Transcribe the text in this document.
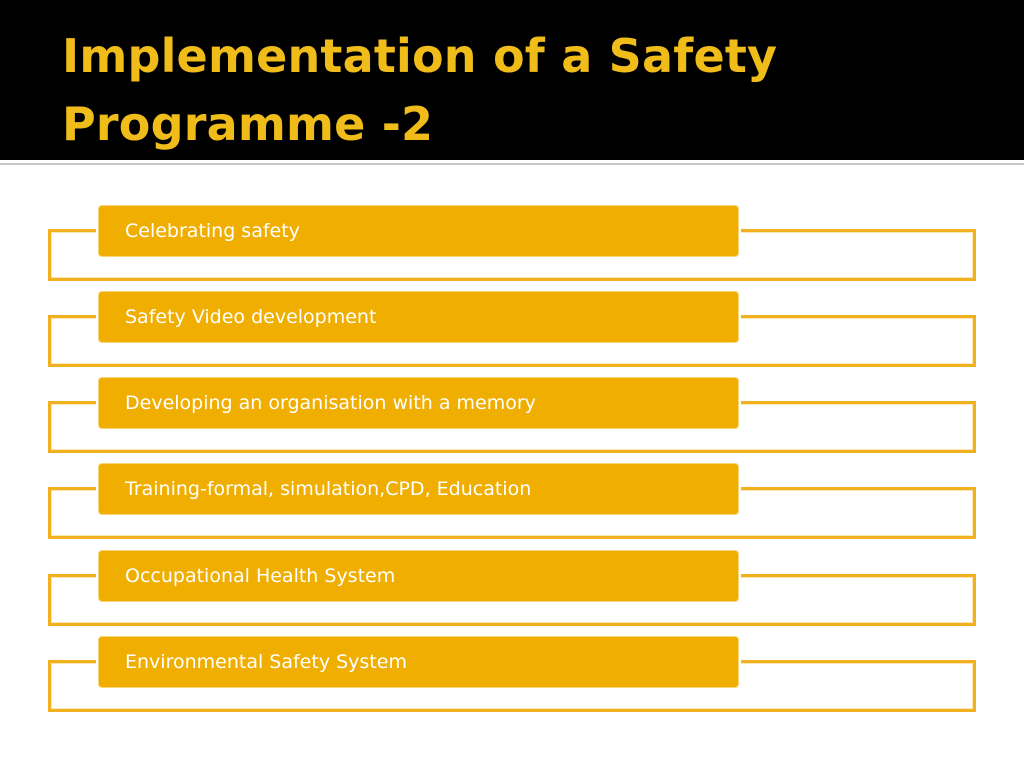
Implementation of a Safety Programme -2
Celebrating safety
Safety Video development
Developing an organisation with a memory
Training-formal, simulation,CPD, Education
Occupational Health System
Environmental Safety System
